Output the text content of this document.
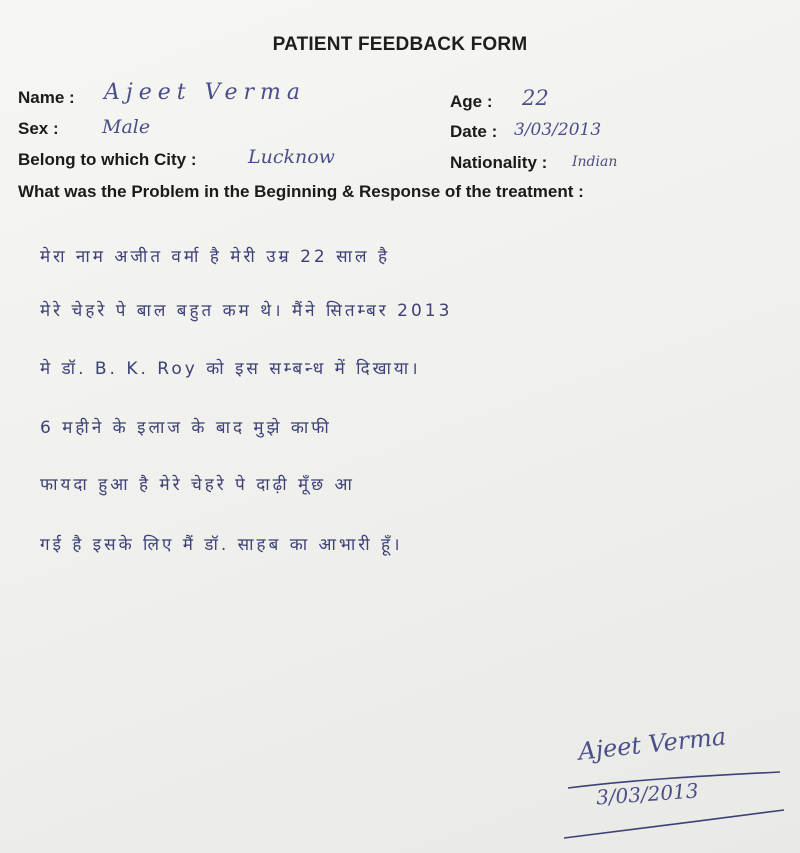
PATIENT FEEDBACK FORM
Name : Ajeet Verma	Age : 22
Sex : Male	Date : 3/03/2013
Belong to which City :	Lucknow	Nationality : Indian
What was the Problem in the Beginning & Response of the treatment :
मेरा नाम अजीत वर्मा है मेरी उम्र 22 साल है
मेरे चेहरे पे बाल बहुत कम थे। मैंने सितम्बर 2013
मे डॉ. B. K. Roy को इस सम्बन्ध में दिखाया।
6 महीने के इलाज के बाद मुझे काफी
फायदा हुआ है मेरे चेहरे पे दाढ़ी मूँछ आ
गई है इसके लिए मैं डॉ. साहब का आभारी हूँ।
Ajeet Verma
3/03/2013
